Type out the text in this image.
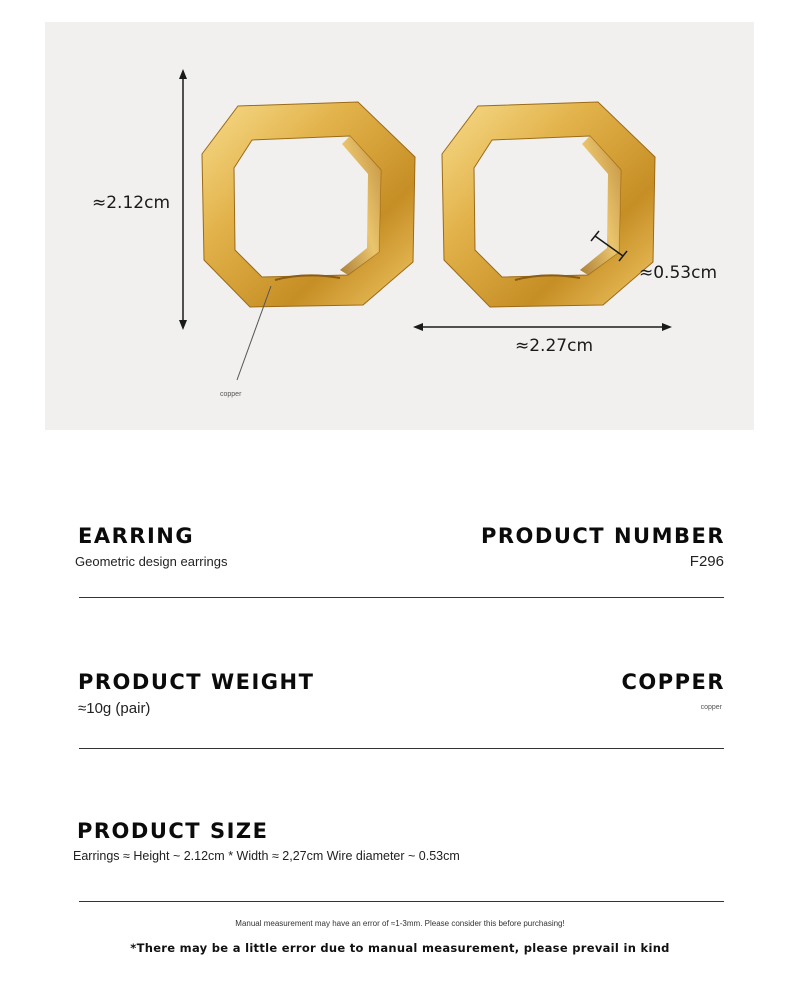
≈2.12cm
≈2.27cm
≈0.53cm
copper
EARRING
Geometric design earrings
PRODUCT NUMBER
F296
PRODUCT WEIGHT
≈10g (pair)
COPPER
copper
PRODUCT SIZE
Earrings ≈ Height ~ 2.12cm * Width ≈ 2,27cm Wire diameter ~ 0.53cm
Manual measurement may have an error of ≈1-3mm. Please consider this before purchasing!
*There may be a little error due to manual measurement, please prevail in kind
